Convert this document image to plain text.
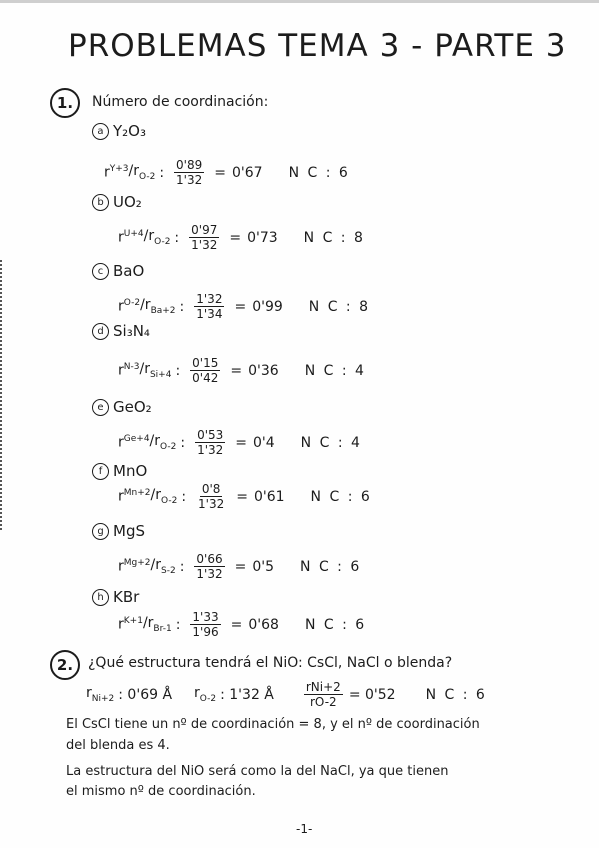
PROBLEMAS TEMA 3 - PARTE 3
1.	Número de coordinación:
a Y₂O₃
$r^{Y+3}$ $/r_{O-2}$ : $\frac{0'89}{1'32} = 0'67$ N C : 6
b UO₂
$r^{U+4}$ $/r_{O-2}$ : $\frac{0'97}{1'32} = 0'73$ N C : 8
c BaO
$r^{O-2}$ $/r_{Ba+2}$ : $\frac{1'32}{1'34} = 0'99$ N C : 8
d Si₃N₄
$r^{N-3}$ $/r_{Si+4}$ : $\frac{0'15}{0'42} = 0'36$ N C : 4
e GeO₂
$r^{Ge+4}$ $/r_{O-2}$ : $\frac{0'53}{1'32} = 0'4$ N C : 4
f MnO
$r^{Mn+2}$ $/r_{O-2}$ : $\frac{0'8}{1'32} = 0'61$ N C : 6
g MgS
$r^{Mg+2}$ $/r_{S-2}$ : $\frac{0'66}{1'32} = 0'5$ N C : 6
h KBr
$r^{K+1}$ $/r_{Br-1}$ : $\frac{1'33}{1'96} = 0'68$ N C : 6
2.	¿Qué estructura tendrá el NiO: CsCl, NaCl o blenda?
$r_{Ni+2}$ : 0'69 Å $r_{O-2}$ : 1'32 Å	$\frac{\text{rNi+2}}{rO-2} = 0'52$ N C : 6
El CsCl tiene un nº de coordinación = 8, y el nº de coordinación
del blenda es 4.
La estructura del NiO será como la del NaCl, ya que tienen
el mismo nº de coordinación.
-1-
